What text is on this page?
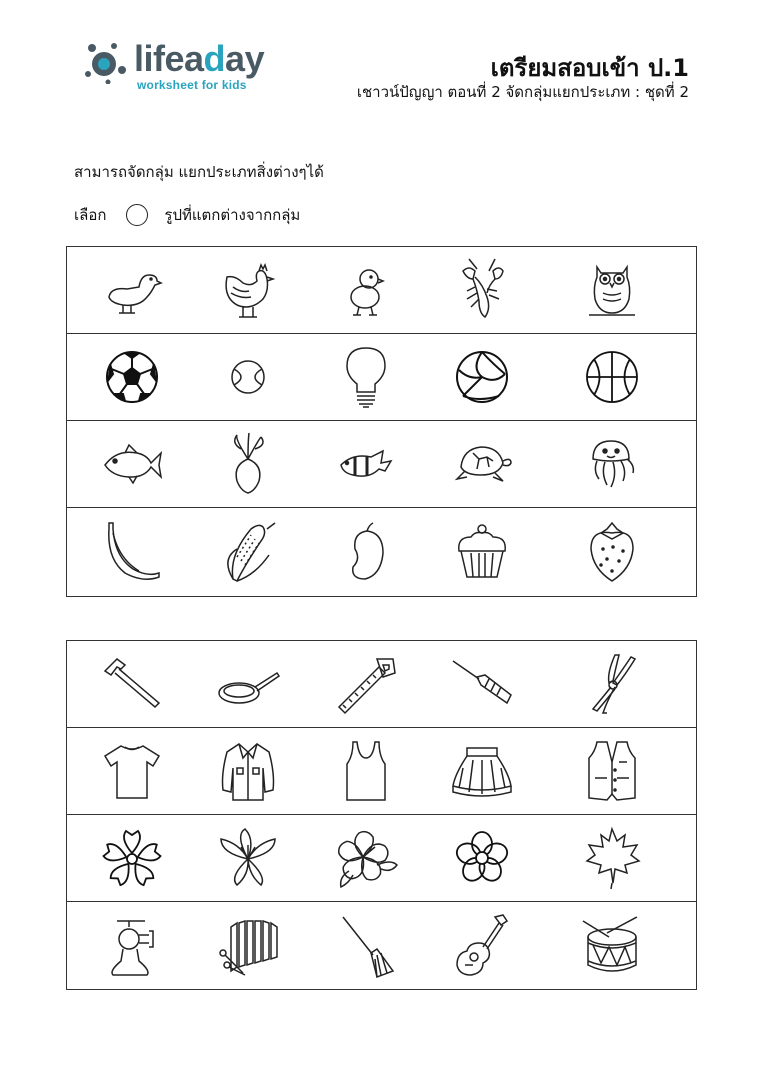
lifeaday
worksheet for kids
เตรียมสอบเข้า ป.1
เชาวน์ปัญญา ตอนที่ 2 จัดกลุ่มแยกประเภท : ชุดที่ 2
สามารถจัดกลุ่ม แยกประเภทสิ่งต่างๆได้
เลือก	รูปที่แตกต่างจากกลุ่ม
